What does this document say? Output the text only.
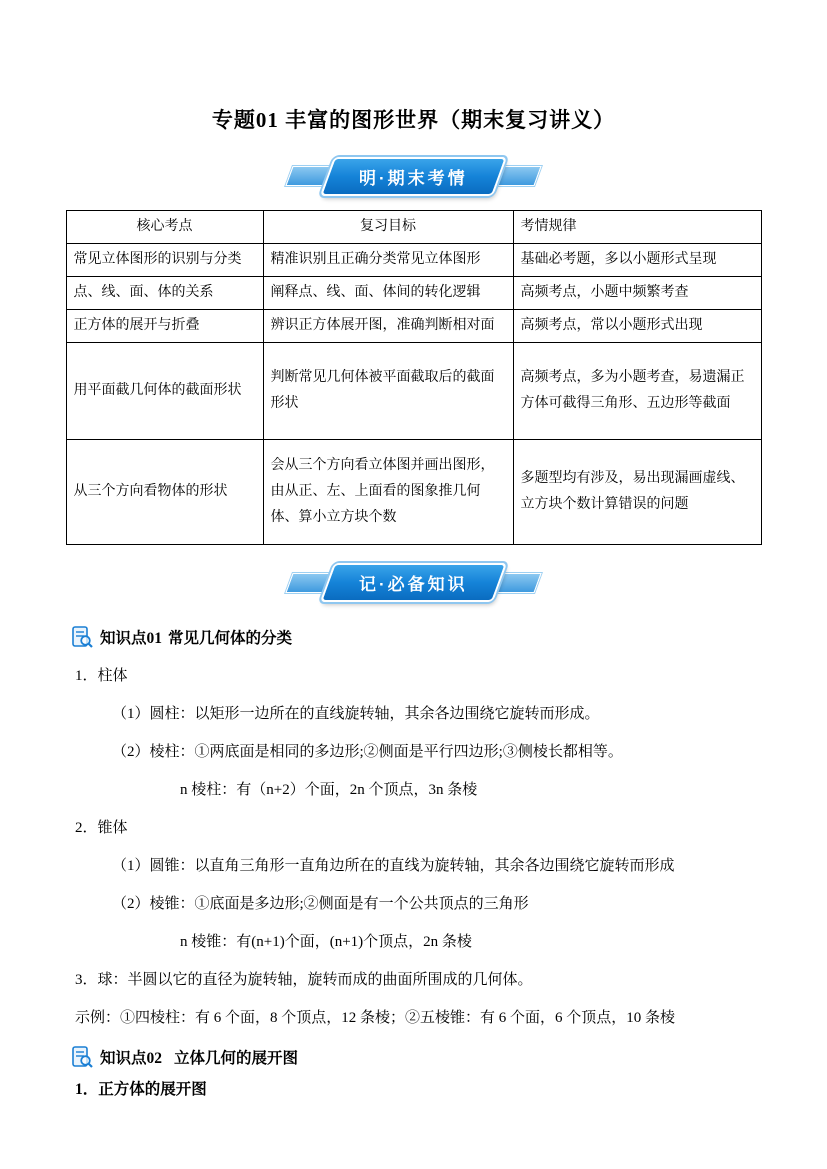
专题01 丰富的图形世界（期末复习讲义）
明·期末考情
核心考点	复习目标	考情规律
常见立体图形的识别与分类	精准识别且正确分类常见立体图形	基础必考题，多以小题形式呈现
点、线、面、体的关系	阐释点、线、面、体间的转化逻辑	高频考点，小题中频繁考查
正方体的展开与折叠	辨识正方体展开图，准确判断相对面	高频考点，常以小题形式出现
用平面截几何体的截面形状	判断常见几何体被平面截取后的截面形状	高频考点，多为小题考查，易遗漏正方体可截得三角形、五边形等截面
从三个方向看物体的形状	会从三个方向看立体图并画出图形，由从正、左、上面看的图象推几何体、算小立方块个数	多题型均有涉及，易出现漏画虚线、立方块个数计算错误的问题
记·必备知识
知识点01 常见几何体的分类
1．柱体
（1）圆柱：以矩形一边所在的直线旋转轴，其余各边围绕它旋转而形成。
（2）棱柱：①两底面是相同的多边形;②侧面是平行四边形;③侧棱长都相等。
n 棱柱：有（n+2）个面，2n 个顶点，3n 条棱
2．锥体
（1）圆锥：以直角三角形一直角边所在的直线为旋转轴，其余各边围绕它旋转而形成
（2）棱锥：①底面是多边形;②侧面是有一个公共顶点的三角形
n 棱锥：有(n+1)个面，(n+1)个顶点，2n 条棱
3．球：半圆以它的直径为旋转轴，旋转而成的曲面所围成的几何体。
示例：①四棱柱：有 6 个面，8 个顶点，12 条棱；②五棱锥：有 6 个面，6 个顶点，10 条棱
知识点02 立体几何的展开图
1．正方体的展开图
